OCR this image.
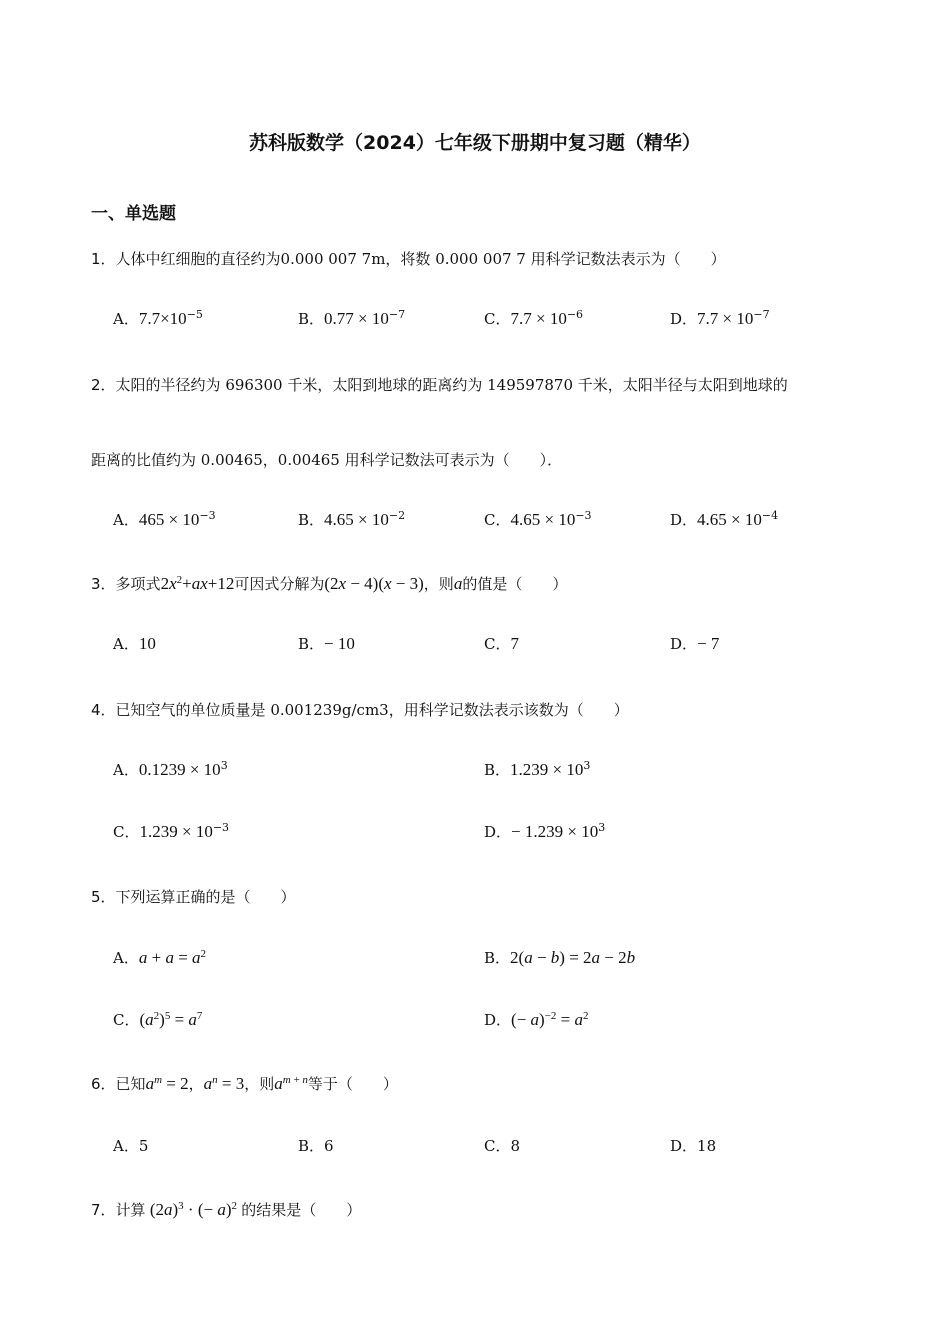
苏科版数学（2024）七年级下册期中复习题（精华）
一、单选题
1．人体中红细胞的直径约为0.000 007 7m，将数 0.000 007 7 用科学记数法表示为（　　）
A．$7.7\times 10^{-5}$	B．$0.77 \times 10^{-7}$	C．$7.7 \times 10^{-6}$	D．$7.7 \times 10^{-7}$
2．太阳的半径约为 696300 千米，太阳到地球的距离约为 149597870 千米，太阳半径与太阳到地球的
距离的比值约为 0.00465，0.00465 用科学记数法可表示为（　　）．
A．$465 \times 10^{-3}$	B．$4.65 \times 10^{-2}$	C．$4.65 \times 10^{-3}$	D．$4.65 \times 10^{-4}$
3．多项式$2x^2+ax+12$可因式分解为(2x − 4)(x − 3)，则a的值是（　　）
A．10	B．− 10	C．7	D．− 7
4．已知空气的单位质量是 0.001239g/cm3，用科学记数法表示该数为（　　）
A．$0.1239 \times 10^3$	B．$1.239 \times 10^3$
C．$1.239 \times 10^{-3}$	D．− $1.239 \times 10^3$
5．下列运算正确的是（　　）
A．$a + a = a^2$	B．2(a − b) = 2a − 2b
C．$(a^2)^5 = a^7$	D．(− $a)^{-2} = a^2$
6．已知$a^m = 2$，$a^n = 3$，则$a^{m + n}$等于（　　）
A．5	B．6	C．8	D．18
7．计算 $(2a)^3$ · (− a)$^2$ 的结果是（　　）
